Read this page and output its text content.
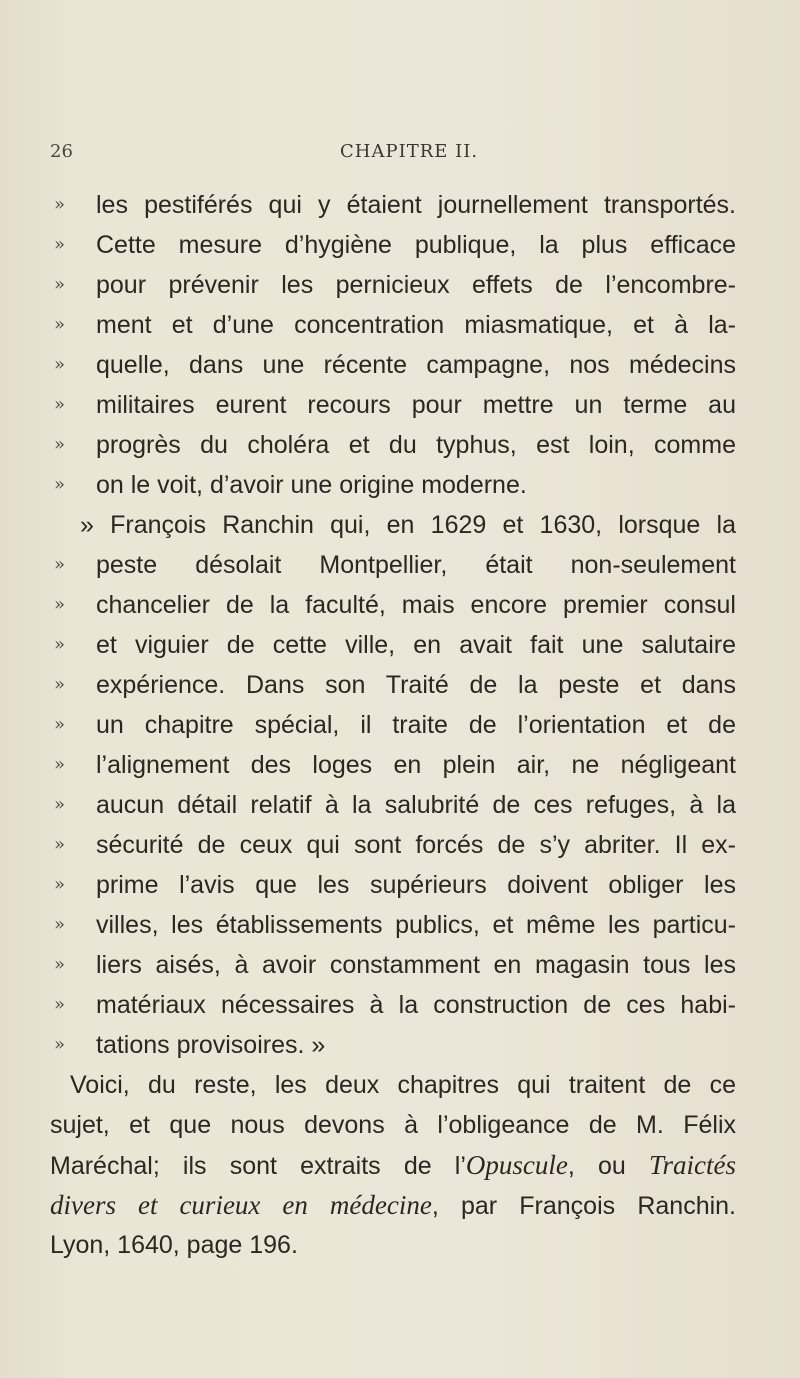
26	CHAPITRE II.
» les pestiférés qui y étaient journellement transportés.
» Cette mesure d’hygiène publique, la plus efficace
» pour prévenir les pernicieux effets de l’encombre-
» ment et d’une concentration miasmatique, et à la-
» quelle, dans une récente campagne, nos médecins
» militaires eurent recours pour mettre un terme au
» progrès du choléra et du typhus, est loin, comme
» on le voit, d’avoir une origine moderne.
» François Ranchin qui, en 1629 et 1630, lorsque la
» peste désolait Montpellier, était non-seulement
» chancelier de la faculté, mais encore premier consul
» et viguier de cette ville, en avait fait une salutaire
» expérience. Dans son Traité de la peste et dans
» un chapitre spécial, il traite de l’orientation et de
» l’alignement des loges en plein air, ne négligeant
» aucun détail relatif à la salubrité de ces refuges, à la
» sécurité de ceux qui sont forcés de s’y abriter. Il ex-
» prime l’avis que les supérieurs doivent obliger les
» villes, les établissements publics, et même les particu-
» liers aisés, à avoir constamment en magasin tous les
» matériaux nécessaires à la construction de ces habi-
» tations provisoires. »
Voici, du reste, les deux chapitres qui traitent de ce
sujet, et que nous devons à l’obligeance de M. Félix
Maréchal; ils sont extraits de l’Opuscule, ou Traictés
divers et curieux en médecine, par François Ranchin.
Lyon, 1640, page 196.
